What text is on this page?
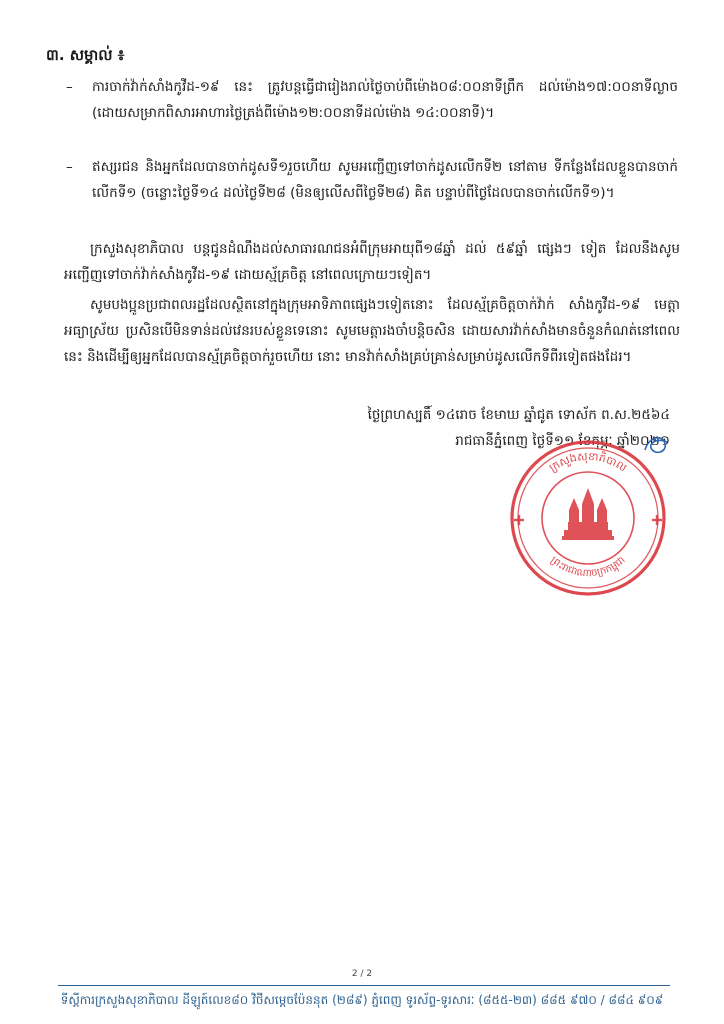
៣. សម្គាល់ ៖
– ការចាក់វ៉ាក់សាំងកូវីដ-១៩ នេះ ត្រូវបន្តធ្វើជារៀងរាល់ថ្ងៃចាប់ពីម៉ោង០៨:០០នាទីព្រឹក ដល់ម៉ោង១៧:០០នាទីល្ងាច (ដោយសម្រាកពិសារអាហារថ្ងៃត្រង់ពីម៉ោង១២:០០នាទីដល់ម៉ោង ១៤:០០នាទី)។
– ឥស្សរជន និងអ្នកដែលបានចាក់ដូសទី១រួចហើយ សូមអញ្ជើញទៅចាក់ដូសលើកទី២ នៅតាម ទីកន្លែងដែលខ្លួនបានចាក់លើកទី១ (ចន្លោះថ្ងៃទី១៤ ដល់ថ្ងៃទី២៨ (មិនឲ្យលើសពីថ្ងៃទី២៨) គិត បន្ទាប់ពីថ្ងៃដែលបានចាក់លើកទី១)។
ក្រសួងសុខាភិបាល បន្តជូនដំណឹងដល់សាធារណជនអំពីក្រុមអាយុពី១៨ឆ្នាំ ដល់ ៥៩ឆ្នាំ ផ្សេងៗ ទៀត ដែលនឹងសូមអញ្ជើញទៅចាក់វ៉ាក់សាំងកូវីដ-១៩ ដោយស្ម័គ្រចិត្ត នៅពេលក្រោយៗទៀត។
សូមបងប្អូនប្រជាពលរដ្ឋដែលស្ថិតនៅក្នុងក្រុមអាទិភាពផ្សេងៗទៀតនោះ ដែលស្ម័គ្រចិត្តចាក់វ៉ាក់ សាំងកូវីដ-១៩ មេត្តាអធ្យាស្រ័យ ប្រសិនបើមិនទាន់ដល់វេនរបស់ខ្លួនទេនោះ សូមមេត្តារងចាំបន្តិចសិន ដោយសារវ៉ាក់សាំងមានចំនួនកំណត់នៅពេលនេះ និងដើម្បីឲ្យអ្នកដែលបានស្ម័គ្រចិត្តចាក់រួចហើយ នោះ មានវ៉ាក់សាំងគ្រប់គ្រាន់សម្រាប់ដូសលើកទីពីរទៀតផងដែរ។
ថ្ងៃព្រហស្បតិ៍ ១៤រោច ខែមាឃ ឆ្នាំជូត ទោស័ក ព.ស.២៥៦៤
រាជធានីភ្នំពេញ ថ្ងៃទី១១ ខែកុម្ភៈ ឆ្នាំ២០២១
ក្រសួងសុខាភិបាល
ព្រះរាជាណាចក្រកម្ពុជា
2 / 2
ទីស្តីការក្រសួងសុខាភិបាល ដីឡូត៍លេខ៨០ វិថីសម្តេចប៉ែននុត (២៨៩) ភ្នំពេញ ទូរស័ព្ទ-ទូរសារៈ (៨៥៥-២៣) ៨៨៥ ៩៧០ / ៨៨៤ ៩០៩
